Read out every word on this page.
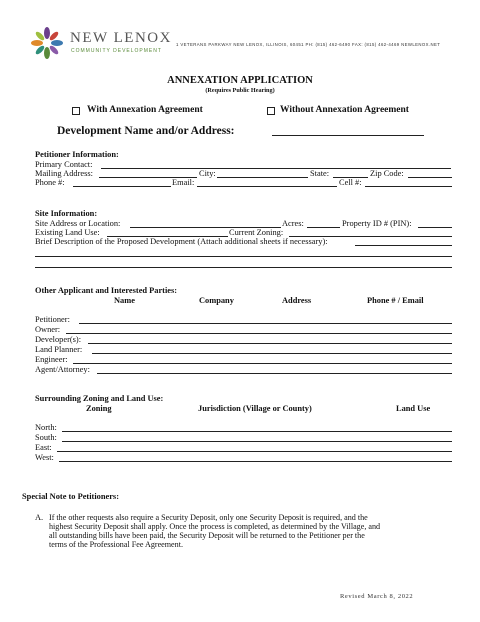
NEW LENOX
COMMUNITY DEVELOPMENT
1 VETERANS PARKWAY NEW LENOX, ILLINOIS, 60451 PH: (815) 462-6490 FAX: (815) 462-4469 NEWLENOX.NET
ANNEXATION APPLICATION
(Requires Public Hearing)
With Annexation Agreement	Without Annexation Agreement
Development Name and/or Address:
Petitioner Information:
Primary Contact:
Mailing Address:	City:	State:	Zip Code:
Phone #:	Email:	Cell #:
Site Information:
Site Address or Location:	Acres:	Property ID # (PIN):
Existing Land Use:	Current Zoning:
Brief Description of the Proposed Development (Attach additional sheets if necessary):
Other Applicant and Interested Parties:
Name	Company	Address	Phone # / Email
Petitioner:
Owner:
Developer(s):
Land Planner:
Engineer:
Agent/Attorney:
Surrounding Zoning and Land Use:
Zoning	Jurisdiction (Village or County)	Land Use
North:
South:
East:
West:
Special Note to Petitioners:
A. If the other requests also require a Security Deposit, only one Security Deposit is required, and the
highest Security Deposit shall apply. Once the process is completed, as determined by the Village, and
all outstanding bills have been paid, the Security Deposit will be returned to the Petitioner per the
terms of the Professional Fee Agreement.
Revised March 8, 2022
